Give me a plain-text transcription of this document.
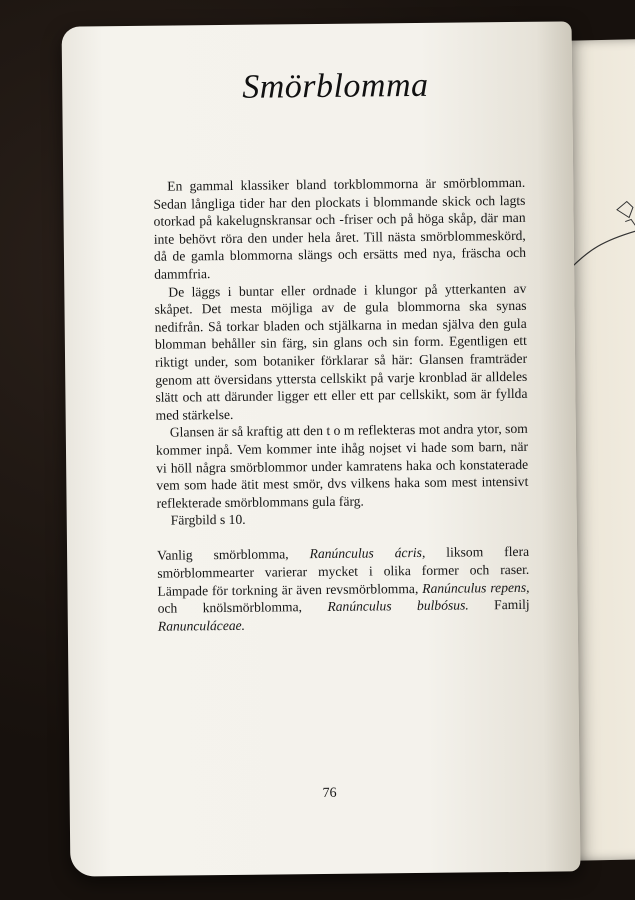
Smörblomma

En gammal klassiker bland torkblommorna är smörblomman. Sedan långliga tider har den plockats i blommande skick och lagts otorkad på kakelugnskransar och -friser och på höga skåp, där man inte behövt röra den under hela året. Till nästa smörblommeskörd, då de gamla blommorna slängs och ersätts med nya, fräscha och dammfria.

De läggs i buntar eller ordnade i klungor på ytterkanten av skåpet. Det mesta möjliga av de gula blommorna ska synas nedifrån. Så torkar bladen och stjälkarna in medan själva den gula blomman behåller sin färg, sin glans och sin form. Egentligen ett riktigt under, som botaniker förklarar så här: Glansen framträder genom att översidans yttersta cellskikt på varje kronblad är alldeles slätt och att därunder ligger ett eller ett par cellskikt, som är fyllda med stärkelse.

Glansen är så kraftig att den t o m reflekteras mot andra ytor, som kommer inpå. Vem kommer inte ihåg nojset vi hade som barn, när vi höll några smörblommor under kamratens haka och konstaterade vem som hade ätit mest smör, dvs vilkens haka som mest intensivt reflekterade smörblommans gula färg.

Färgbild s 10.

Vanlig smörblomma, Ranúnculus ácris, liksom flera smörblommearter varierar mycket i olika former och raser. Lämpade för torkning är även revsmörblomma, Ranúnculus repens, och knölsmörblomma, Ranúnculus bulbósus. Familj Ranunculáceae.

76
